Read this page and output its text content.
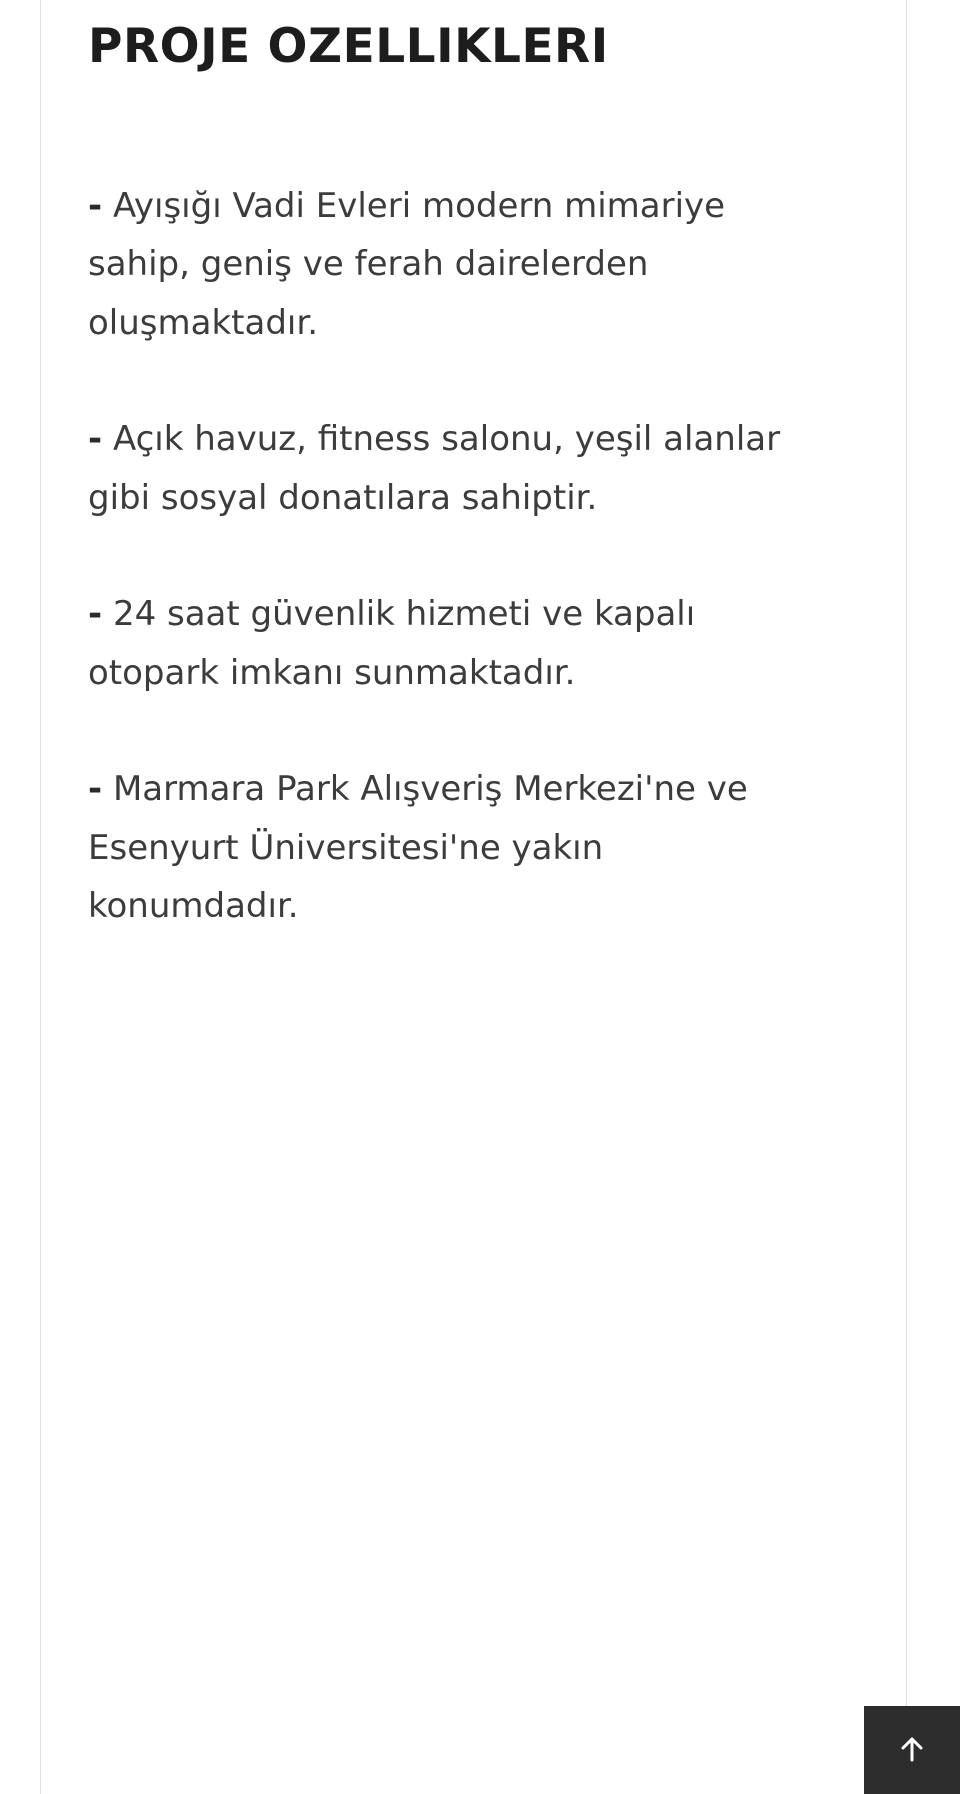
PROJE OZELLIKLERI

- Ayışığı Vadi Evleri modern mimariye sahip, geniş ve ferah dairelerden oluşmaktadır.

- Açık havuz, fitness salonu, yeşil alanlar gibi sosyal donatılara sahiptir.

- 24 saat güvenlik hizmeti ve kapalı otopark imkanı sunmaktadır.

- Marmara Park Alışveriş Merkezi'ne ve Esenyurt Üniversitesi'ne yakın konumdadır.
